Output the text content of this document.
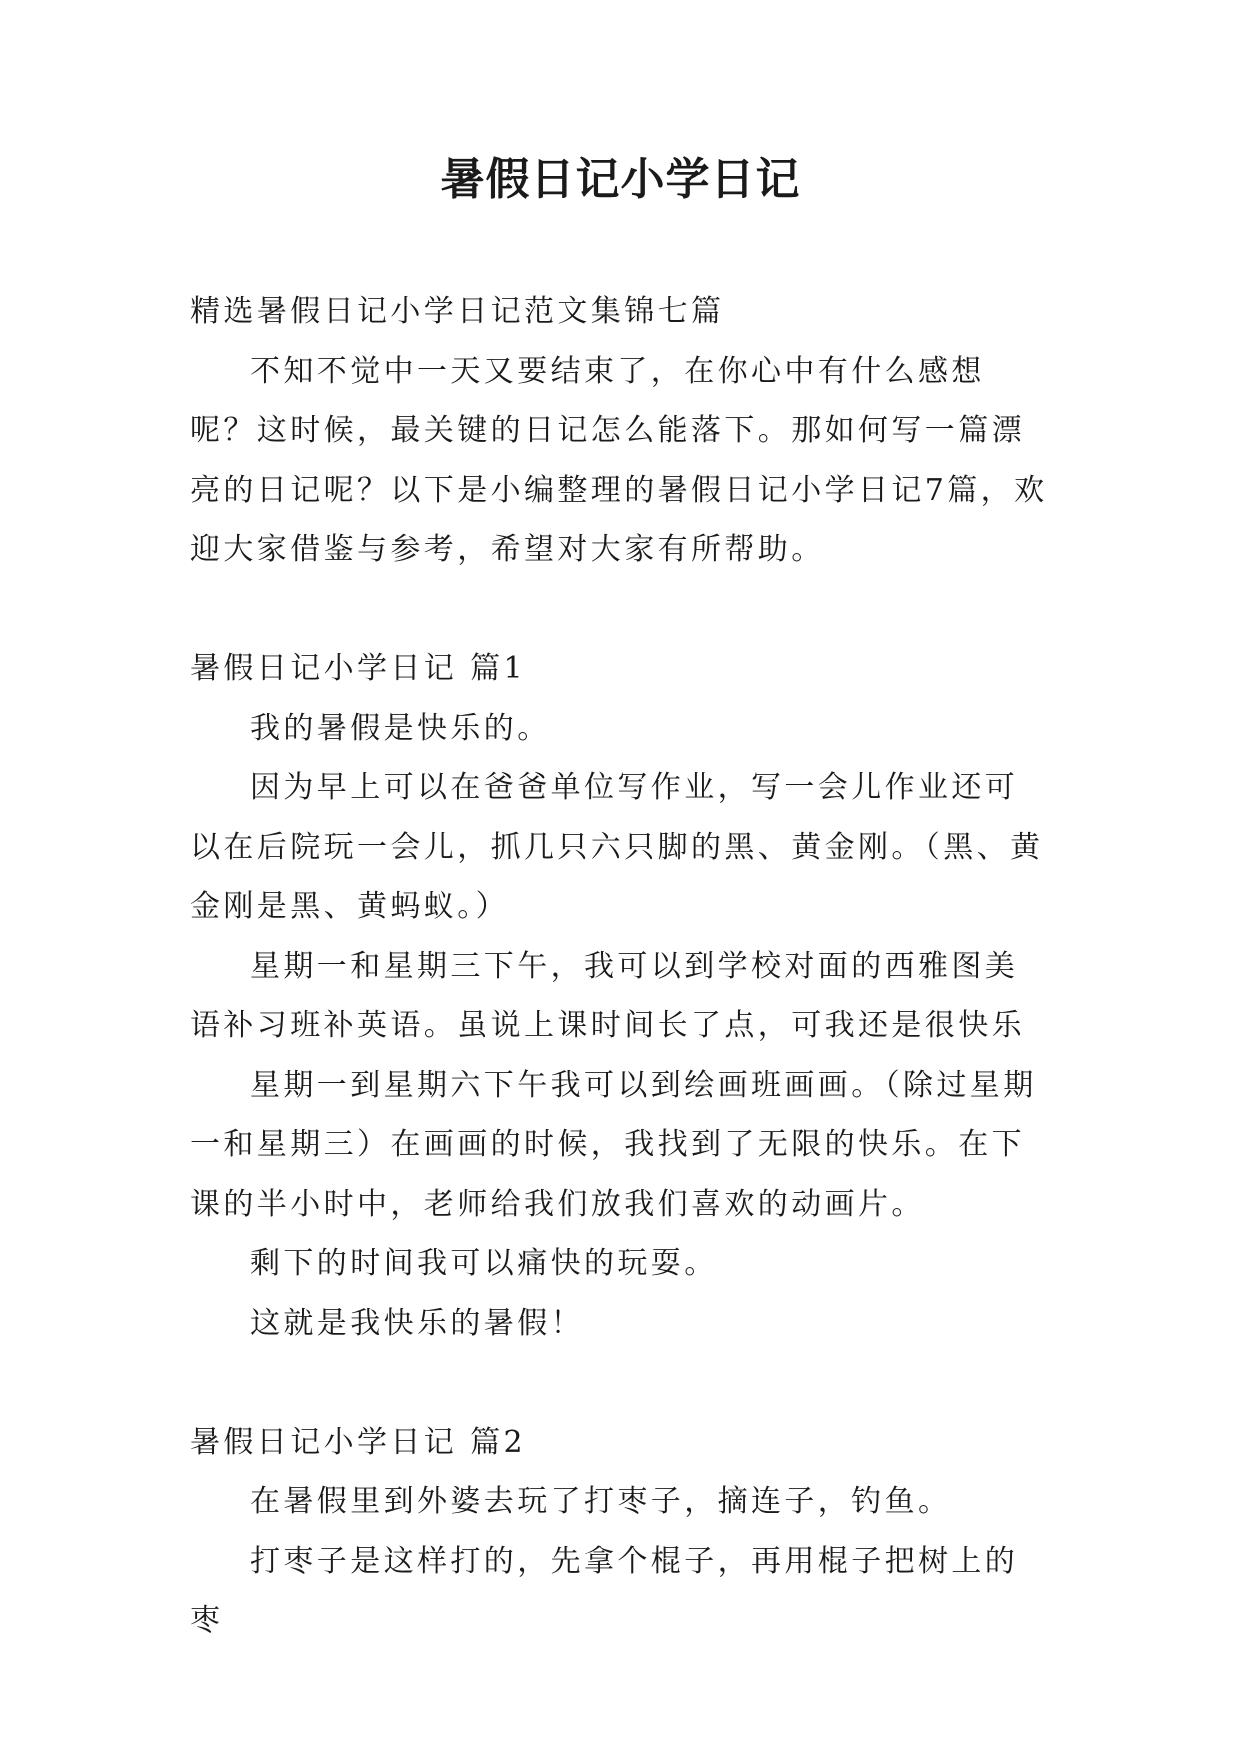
暑假日记小学日记

精选暑假日记小学日记范文集锦七篇

不知不觉中一天又要结束了，在你心中有什么感想呢？这时候，最关键的日记怎么能落下。那如何写一篇漂亮的日记呢？以下是小编整理的暑假日记小学日记7篇，欢迎大家借鉴与参考，希望对大家有所帮助。

暑假日记小学日记 篇1

我的暑假是快乐的。

因为早上可以在爸爸单位写作业，写一会儿作业还可以在后院玩一会儿，抓几只六只脚的黑、黄金刚。（黑、黄金刚是黑、黄蚂蚁。）

星期一和星期三下午，我可以到学校对面的西雅图美语补习班补英语。虽说上课时间长了点，可我还是很快乐

星期一到星期六下午我可以到绘画班画画。（除过星期一和星期三）在画画的时候，我找到了无限的快乐。在下课的半小时中，老师给我们放我们喜欢的动画片。

剩下的时间我可以痛快的玩耍。

这就是我快乐的暑假！

暑假日记小学日记 篇2

在暑假里到外婆去玩了打枣子，摘连子，钓鱼。

打枣子是这样打的，先拿个棍子，再用棍子把树上的枣
